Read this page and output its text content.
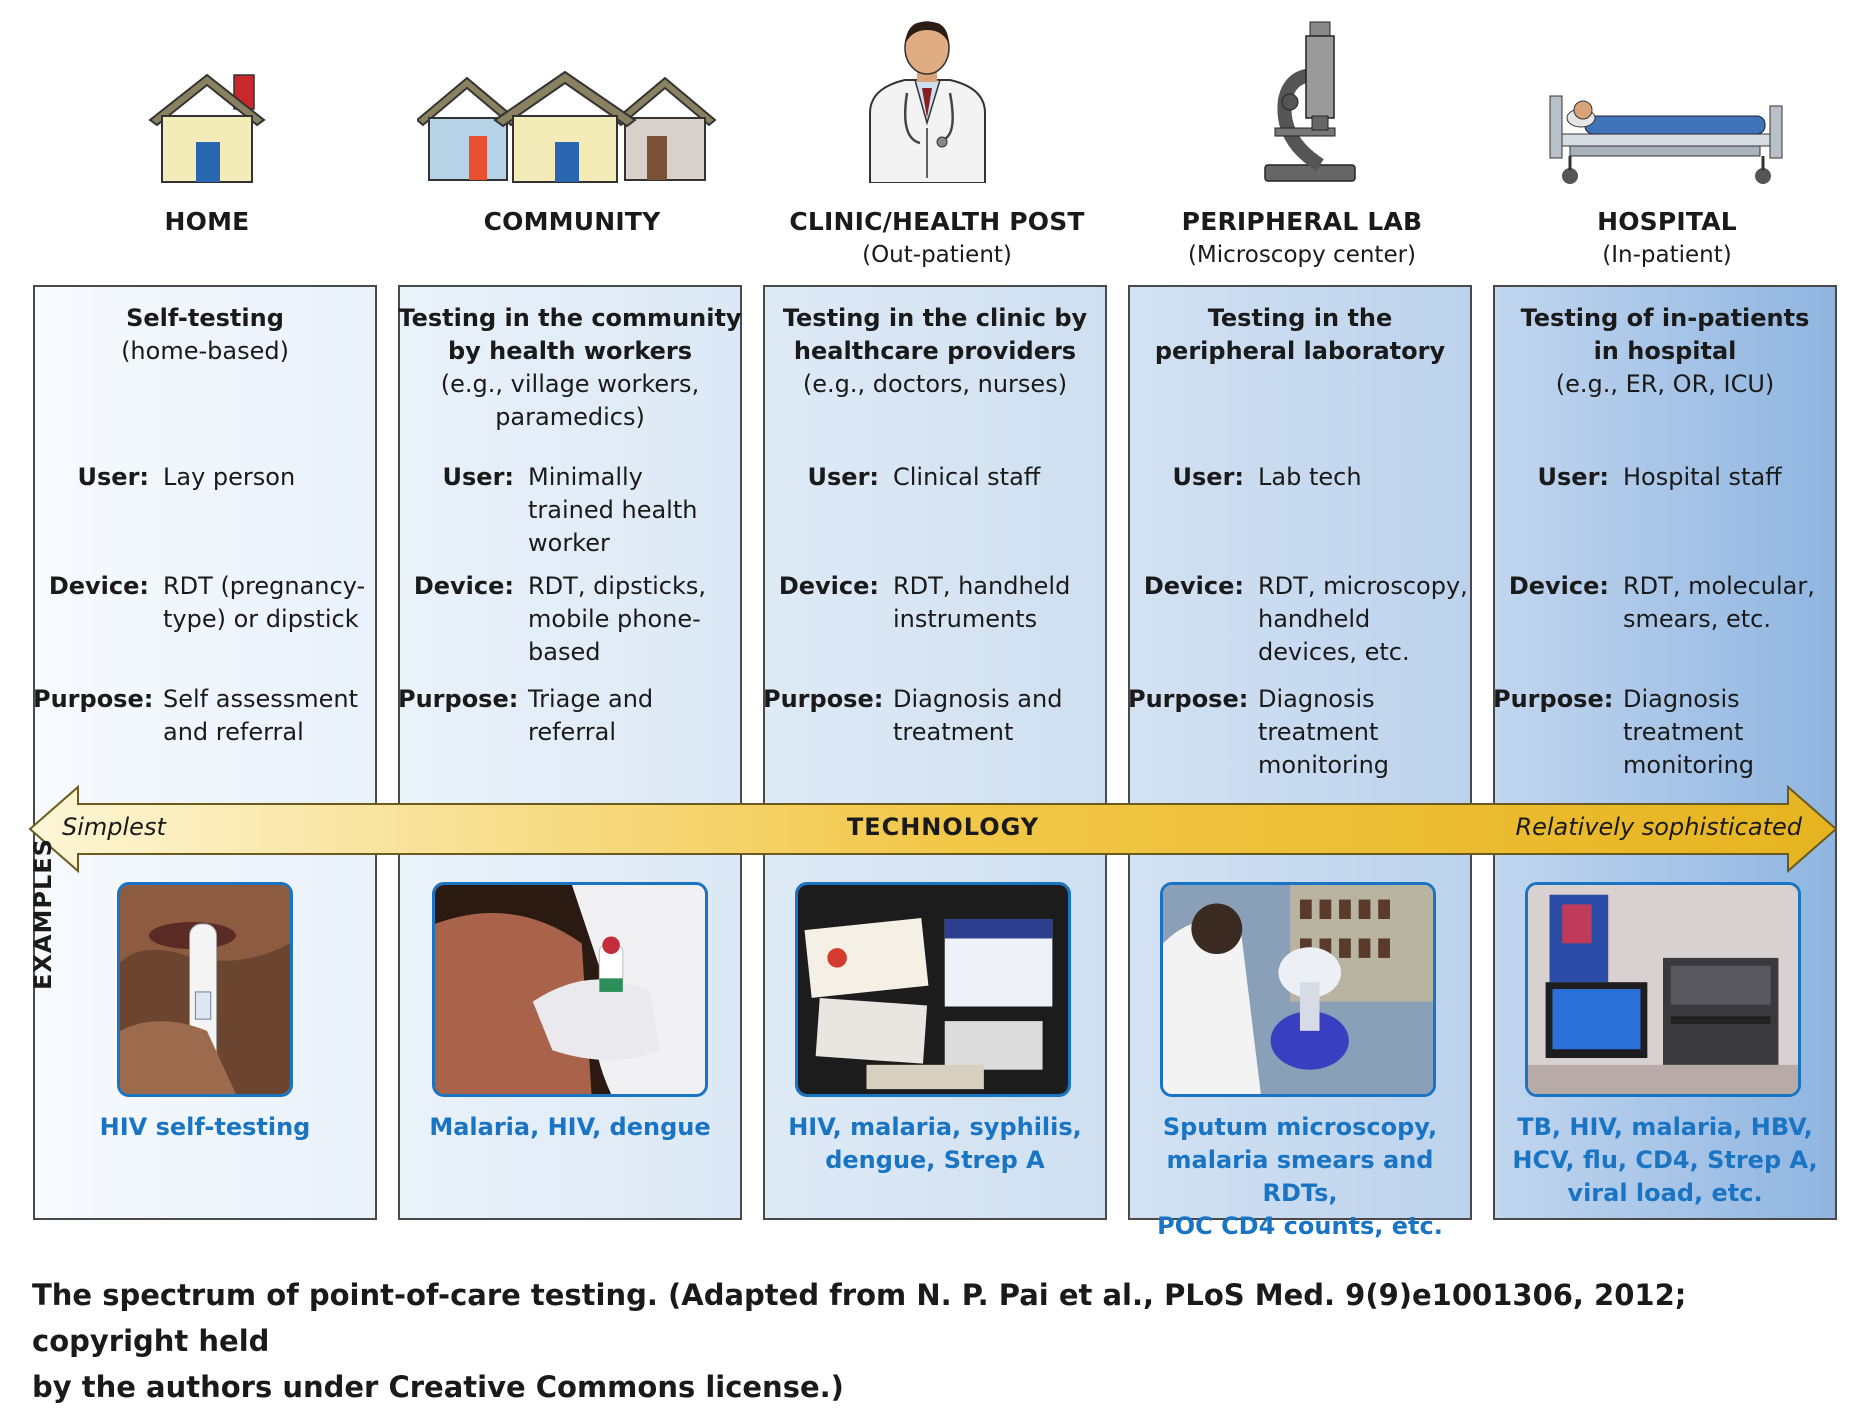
HOME	COMMUNITY	CLINIC/HEALTH POST
(Out-patient)
PERIPHERAL LAB
(Microscopy center)
HOSPITAL
(In-patient)
Self-testing
(home-based)
User: Lay person
Device: RDT (pregnancy-
type) or dipstick
Purpose: Self assessment
and referral
Testing in the community
by health workers
(e.g., village workers,
paramedics)
User: Minimally
trained health
worker
Device: RDT, dipsticks,
mobile phone-
based
Purpose: Triage and
referral
Testing in the clinic by
healthcare providers
(e.g., doctors, nurses)
User: Clinical staff
Device: RDT, handheld
instruments
Purpose: Diagnosis and
treatment
Testing in the
peripheral laboratory
User: Lab tech
Device: RDT, microscopy,
handheld
devices, etc.
Purpose: Diagnosis
treatment
monitoring
Testing of in-patients
in hospital
(e.g., ER, OR, ICU)
User: Hospital staff
Device: RDT, molecular,
smears, etc.
Purpose: Diagnosis
treatment
monitoring
Simplest	TECHNOLOGY	Relatively sophisticated
EXAMPLES
HIV self-testing	Malaria, HIV, dengue	HIV, malaria, syphilis,
dengue, Strep A
Sputum microscopy,
malaria smears and RDTs,
POC CD4 counts, etc.
TB, HIV, malaria, HBV,
HCV, flu, CD4, Strep A,
viral load, etc.
The spectrum of point-of-care testing. (Adapted from N. P. Pai et al., PLoS Med. 9(9)e1001306, 2012; copyright held
by the authors under Creative Commons license.)
